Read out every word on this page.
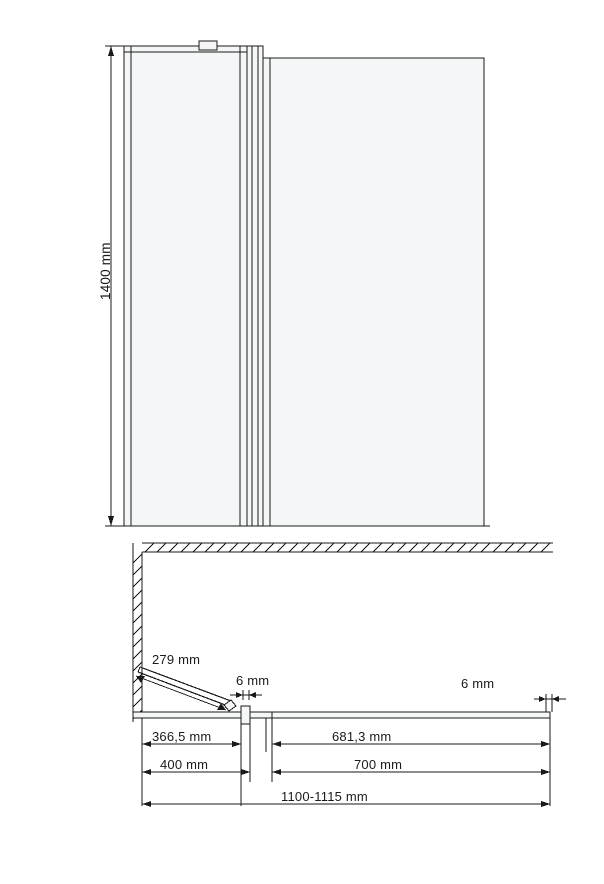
1400 mm
279 mm
6 mm	6 mm
366,5 mm	681,3 mm
400 mm	700 mm
1100-1115 mm
